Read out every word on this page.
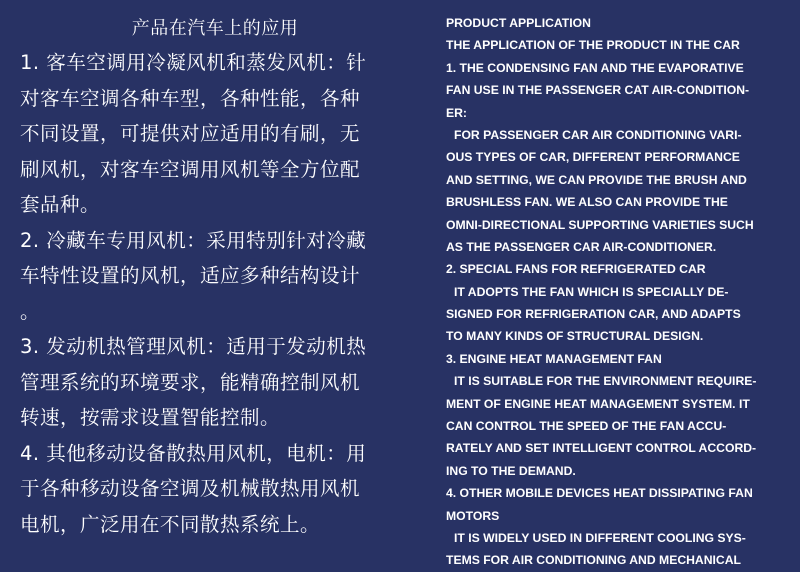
产品在汽车上的应用
1. 客车空调用冷凝风机和蒸发风机：针
对客车空调各种车型，各种性能，各种
不同设置，可提供对应适用的有刷，无
刷风机，对客车空调用风机等全方位配
套品种。
2. 冷藏车专用风机：采用特别针对冷藏
车特性设置的风机，适应多种结构设计
。
3. 发动机热管理风机：适用于发动机热
管理系统的环境要求，能精确控制风机
转速，按需求设置智能控制。
4. 其他移动设备散热用风机，电机：用
于各种移动设备空调及机械散热用风机
电机，广泛用在不同散热系统上。
PRODUCT APPLICATION
THE APPLICATION OF THE PRODUCT IN THE CAR
1. THE CONDENSING FAN AND THE EVAPORATIVE
FAN USE IN THE PASSENGER CAT AIR-CONDITION-
ER:
FOR PASSENGER CAR AIR CONDITIONING VARI-
OUS TYPES OF CAR, DIFFERENT PERFORMANCE
AND SETTING, WE CAN PROVIDE THE BRUSH AND
BRUSHLESS FAN. WE ALSO CAN PROVIDE THE
OMNI-DIRECTIONAL SUPPORTING VARIETIES SUCH
AS THE PASSENGER CAR AIR-CONDITIONER.
2. SPECIAL FANS FOR REFRIGERATED CAR
IT ADOPTS THE FAN WHICH IS SPECIALLY DE-
SIGNED FOR REFRIGERATION CAR, AND ADAPTS
TO MANY KINDS OF STRUCTURAL DESIGN.
3. ENGINE HEAT MANAGEMENT FAN
IT IS SUITABLE FOR THE ENVIRONMENT REQUIRE-
MENT OF ENGINE HEAT MANAGEMENT SYSTEM. IT
CAN CONTROL THE SPEED OF THE FAN ACCU-
RATELY AND SET INTELLIGENT CONTROL ACCORD-
ING TO THE DEMAND.
4. OTHER MOBILE DEVICES HEAT DISSIPATING FAN
MOTORS
IT IS WIDELY USED IN DIFFERENT COOLING SYS-
TEMS FOR AIR CONDITIONING AND MECHANICAL
